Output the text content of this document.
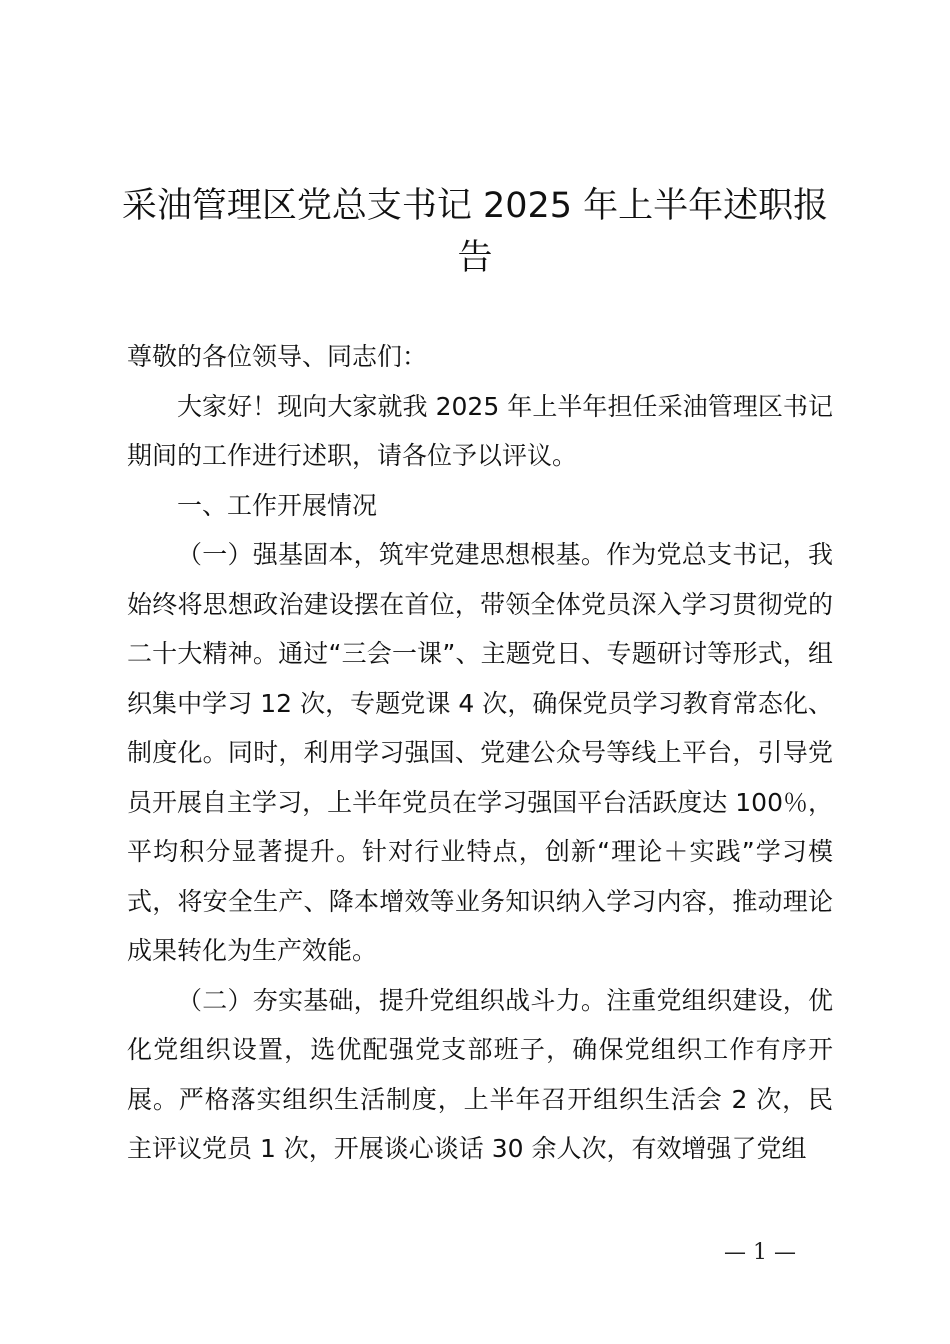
采油管理区党总支书记 2025 年上半年述职报
告

尊敬的各位领导、同志们：

大家好！现向大家就我 2025 年上半年担任采油管理区书记期间的工作进行述职，请各位予以评议。

一、工作开展情况

（一）强基固本，筑牢党建思想根基。作为党总支书记，我始终将思想政治建设摆在首位，带领全体党员深入学习贯彻党的二十大精神。通过“三会一课”、主题党日、专题研讨等形式，组织集中学习 12 次，专题党课 4 次，确保党员学习教育常态化、制度化。同时，利用学习强国、党建公众号等线上平台，引导党员开展自主学习，上半年党员在学习强国平台活跃度达 100％，平均积分显著提升。针对行业特点，创新“理论＋实践”学习模式，将安全生产、降本增效等业务知识纳入学习内容，推动理论成果转化为生产效能。

（二）夯实基础，提升党组织战斗力。注重党组织建设，优化党组织设置，选优配强党支部班子，确保党组织工作有序开展。严格落实组织生活制度，上半年召开组织生活会 2 次，民主评议党员 1 次，开展谈心谈话 30 余人次，有效增强了党组

— 1 —
